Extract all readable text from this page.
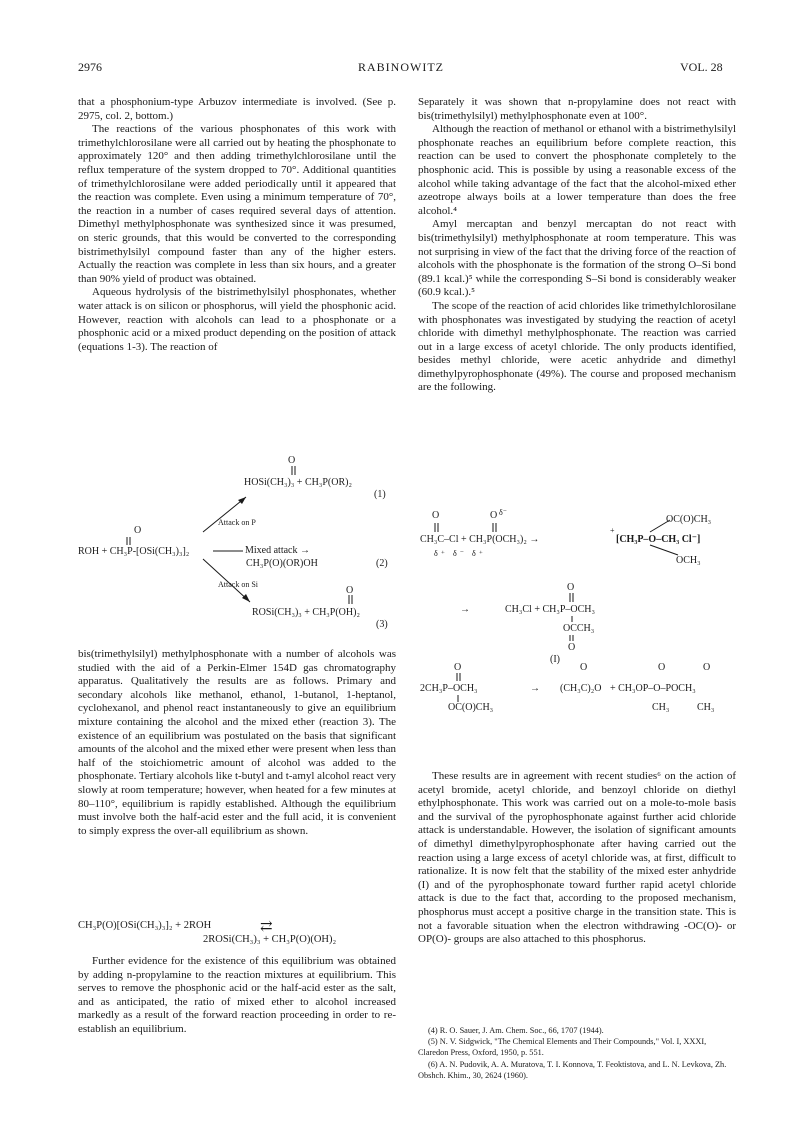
2976	RABINOWITZ	VOL. 28

that a phosphonium-type Arbuzov intermediate is involved. (See p. 2975, col. 2, bottom.)

The reactions of the various phosphonates of this work with trimethylchlorosilane were all carried out by heating the phosphonate to approximately 120° and then adding trimethylchlorosilane until the reflux temperature of the system dropped to 70°. Additional quantities of trimethylchlorosilane were added periodically until it appeared that the reaction was complete. Even using a minimum temperature of 70°, the reaction in a number of cases required several days of attention. Dimethyl methylphosphonate was synthesized since it was presumed, on steric grounds, that this would be converted to the corresponding bistrimethylsilyl compound faster than any of the higher esters. Actually the reaction was complete in less than six hours, and a greater than 90% yield of product was obtained.

Aqueous hydrolysis of the bistrimethylsilyl phosphonates, whether water attack is on silicon or phosphorus, will yield the phosphonic acid. However, reaction with alcohols can lead to a phosphonate or a phosphonic acid or a mixed product depending on the position of attack (equations 1-3). The reaction of

O
HOSi(CH₃)₃ + CH₃P(OR)₂
(1)
Attack on P
O
ROH + CH₃P-[OSi(CH₃)₃]₂	Mixed attack →
CH₃P(O)(OR)OH	(2)
Attack on Si
O
ROSi(CH₃)₃ + CH₃P(OH)₂
(3)

bis(trimethylsilyl) methylphosphonate with a number of alcohols was studied with the aid of a Perkin-Elmer 154D gas chromatography apparatus. Qualitatively the results are as follows. Primary and secondary alcohols like methanol, ethanol, 1-butanol, 1-heptanol, cyclohexanol, and phenol react instantaneously to give an equilibrium mixture containing the alcohol and the mixed ether (reaction 3). The existence of an equilibrium was postulated on the basis that significant amounts of the alcohol and the mixed ether were present when less than half of the stoichiometric amount of alcohol was added to the phosphonate. Tertiary alcohols like t-butyl and t-amyl alcohol react very slowly at room temperature; however, when heated for a few minutes at 80–110°, equilibrium is rapidly established. Although the equilibrium must involve both the half-acid ester and the full acid, it is convenient to simply express the over-all equilibrium as shown.

CH₃P(O)[OSi(CH₃)₃]₂ + 2ROH	⇄
2ROSi(CH₃)₃ + CH₃P(O)(OH)₂

Further evidence for the existence of this equilibrium was obtained by adding n-propylamine to the reaction mixtures at equilibrium. This serves to remove the phosphonic acid or the half-acid ester as the salt, and as anticipated, the ratio of mixed ether to alcohol increased markedly as a result of the forward reaction proceeding in order to re-establish an equilibrium.

Separately it was shown that n-propylamine does not react with bis(trimethylsilyl) methylphosphonate even at 100°.

Although the reaction of methanol or ethanol with a bistrimethylsilyl phosphonate reaches an equilibrium before complete reaction, this reaction can be used to convert the phosphonate completely to the phosphonic acid. This is possible by using a reasonable excess of the alcohol while taking advantage of the fact that the alcohol-mixed ether azeotrope always boils at a lower temperature than does the free alcohol.⁴

Amyl mercaptan and benzyl mercaptan do not react with bis(trimethylsilyl) methylphosphonate at room temperature. This was not surprising in view of the fact that the driving force of the reaction of alcohols with the phosphonate is the formation of the strong O–Si bond (89.1 kcal.)⁵ while the corresponding S–Si bond is considerably weaker (60.9 kcal.).⁵

The scope of the reaction of acid chlorides like trimethylchlorosilane with phosphonates was investigated by studying the reaction of acetyl chloride with dimethyl methylphosphonate. The reaction was carried out in a large excess of acetyl chloride. The only products identified, besides methyl chloride, were acetic anhydride and dimethyl dimethylpyrophosphonate (49%). The course and proposed mechanism are the following.

O	O δ⁻
CH₃C–Cl + CH₃P(OCH₃)₂ →
δ⁺ δ⁻ δ⁺
+
OC(O)CH₃
[CH₃P–O–CH₃ Cl⁻]
OCH₃
O
→	CH₃Cl + CH₃P–OCH₃
OCCH₃
O
(I)
O
2CH₃P–OCH₃
OC(O)CH₃
→
O
(CH₃C)₂O
O	O
+ CH₃OP–O–POCH₃
CH₃	CH₃

These results are in agreement with recent studies⁶ on the action of acetyl bromide, acetyl chloride, and benzoyl chloride on diethyl ethylphosphonate. This work was carried out on a mole-to-mole basis and the survival of the pyrophosphonate against further acid chloride attack is understandable. However, the isolation of significant amounts of dimethyl dimethylpyrophosphonate after having carried out the reaction using a large excess of acetyl chloride was, at first, difficult to rationalize. It is now felt that the stability of the mixed ester anhydride (I) and of the pyrophosphonate toward further rapid acetyl chloride attack is due to the fact that, according to the proposed mechanism, phosphorus must accept a positive charge in the transition state. This is not a favorable situation when the electron withdrawing -OC(O)- or OP(O)- groups are also attached to this phosphorus.

(4) R. O. Sauer, J. Am. Chem. Soc., 66, 1707 (1944).
(5) N. V. Sidgwick, "The Chemical Elements and Their Compounds," Vol. I, XXXI, Claredon Press, Oxford, 1950, p. 551.
(6) A. N. Pudovik, A. A. Muratova, T. I. Konnova, T. Feoktistova, and L. N. Levkova, Zh. Obshch. Khim., 30, 2624 (1960).
